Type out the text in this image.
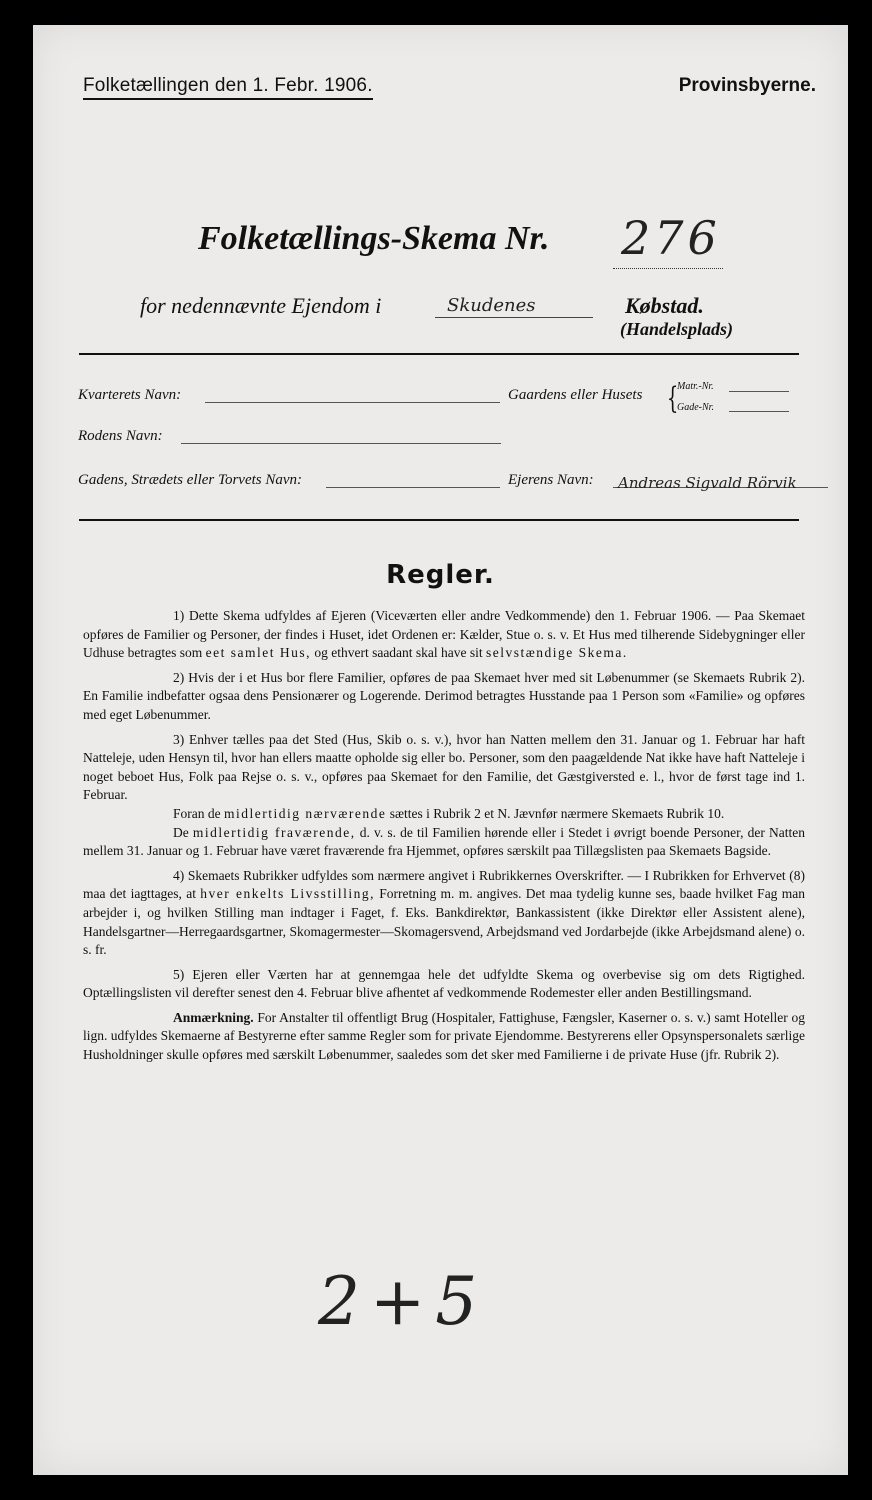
Folketællingen den 1. Febr. 1906.	Provinsbyerne.
Folketællings-Skema Nr. 276
for nedennævnte Ejendom i	Skudenes	Købstad.
(Handelsplads)
Kvarterets Navn:	Gaardens eller Husets {
Matr.-Nr.
Gade-Nr.
Rodens Navn:
Gadens, Strædets eller Torvets Navn:	Ejerens Navn: Andreas Sigvald Rörvik
Regler.

1) Dette Skema udfyldes af Ejeren (Viceværten eller andre Vedkommende) den 1. Februar 1906. — Paa Skemaet opføres de Familier og Personer, der findes i Huset, idet Ordenen er: Kælder, Stue o. s. v. Et Hus med tilherende Sidebygninger eller Udhuse betragtes som eet samlet Hus, og ethvert saadant skal have sit selvstændige Skema.

2) Hvis der i et Hus bor flere Familier, opføres de paa Skemaet hver med sit Løbenummer (se Skemaets Rubrik 2). En Familie indbefatter ogsaa dens Pensionærer og Logerende. Derimod betragtes Husstande paa 1 Person som «Familie» og opføres med eget Løbenummer.

3) Enhver tælles paa det Sted (Hus, Skib o. s. v.), hvor han Natten mellem den 31. Januar og 1. Februar har haft Natteleje, uden Hensyn til, hvor han ellers maatte opholde sig eller bo. Personer, som den paagældende Nat ikke have haft Natteleje i noget beboet Hus, Folk paa Rejse o. s. v., opføres paa Skemaet for den Familie, det Gæstgiversted e. l., hvor de først tage ind 1. Februar.

Foran de midlertidig nærværende sættes i Rubrik 2 et N. Jævnfør nærmere Skemaets Rubrik 10.

De midlertidig fraværende, d. v. s. de til Familien hørende eller i Stedet i øvrigt boende Personer, der Natten mellem 31. Januar og 1. Februar have været fraværende fra Hjemmet, opføres særskilt paa Tillægslisten paa Skemaets Bagside.

4) Skemaets Rubrikker udfyldes som nærmere angivet i Rubrikkernes Overskrifter. — I Rubrikken for Erhvervet (8) maa det iagttages, at hver enkelts Livsstilling, Forretning m. m. angives. Det maa tydelig kunne ses, baade hvilket Fag man arbejder i, og hvilken Stilling man indtager i Faget, f. Eks. Bankdirektør, Bankassistent (ikke Direktør eller Assistent alene), Handelsgartner—Herregaardsgartner, Skomagermester—Skomagersvend, Arbejdsmand ved Jordarbejde (ikke Arbejdsmand alene) o. s. fr.

5) Ejeren eller Værten har at gennemgaa hele det udfyldte Skema og overbevise sig om dets Rigtighed. Optællingslisten vil derefter senest den 4. Februar blive afhentet af vedkommende Rodemester eller anden Bestillingsmand.

Anmærkning. For Anstalter til offentligt Brug (Hospitaler, Fattighuse, Fængsler, Kaserner o. s. v.) samt Hoteller og lign. udfyldes Skemaerne af Bestyrerne efter samme Regler som for private Ejendomme. Bestyrerens eller Opsynspersonalets særlige Husholdninger skulle opføres med særskilt Løbenummer, saaledes som det sker med Familierne i de private Huse (jfr. Rubrik 2).

2+5
